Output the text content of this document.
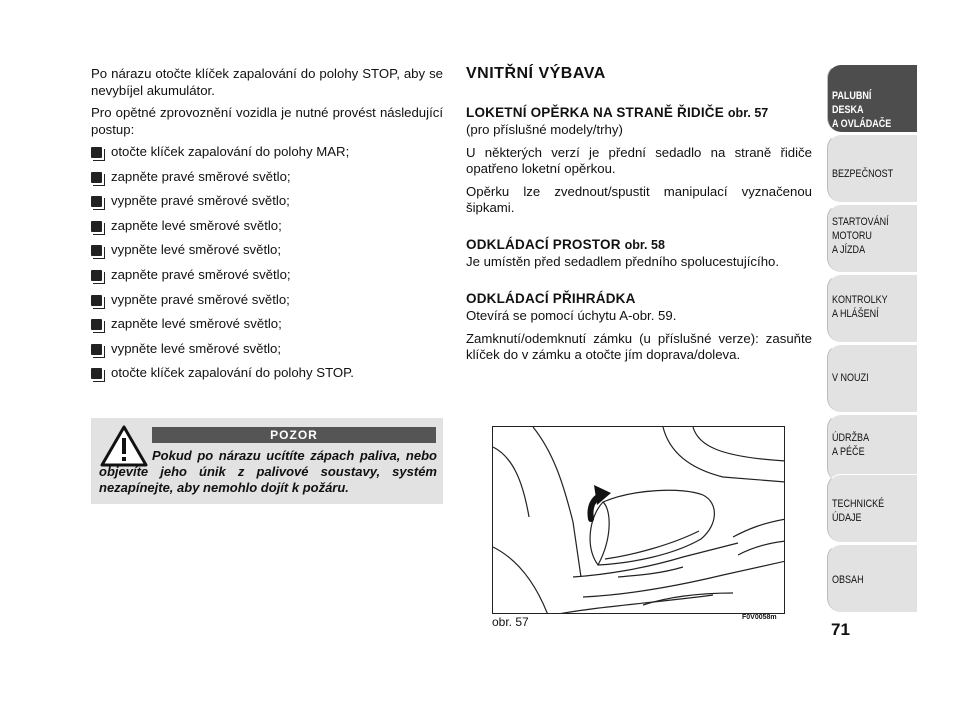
Po nárazu otočte klíček zapalování do polohy STOP, aby se nevybíjel akumulátor.

Pro opětné zprovoznění vozidla je nutné provést následující postup:

otočte klíček zapalování do polohy MAR;
zapněte pravé směrové světlo;
vypněte pravé směrové světlo;
zapněte levé směrové světlo;
vypněte levé směrové světlo;
zapněte pravé směrové světlo;
vypněte pravé směrové světlo;
zapněte levé směrové světlo;
vypněte levé směrové světlo;
otočte klíček zapalování do polohy STOP.
POZOR
Pokud po nárazu ucítíte zápach paliva, nebo objevíte jeho únik z palivové soustavy, systém nezapínejte, aby nemohlo dojít k požáru.
VNITŘNÍ VÝBAVA
LOKETNÍ OPĚRKA NA STRANĚ ŘIDIČE obr. 57

(pro příslušné modely/trhy)

U některých verzí je přední sedadlo na straně řidiče opatřeno loketní opěrkou.

Opěrku lze zvednout/spustit manipulací vyznačenou šipkami.

ODKLÁDACÍ PROSTOR obr. 58

Je umístěn před sedadlem předního spolucestujícího.

ODKLÁDACÍ PŘIHRÁDKA

Otevírá se pomocí úchytu A-obr. 59.

Zamknutí/odemknutí zámku (u příslušné verze): zasuňte klíček do v zámku a otočte jím doprava/doleva.

obr. 57	F0V0058m
PALUBNÍ DESKA
A OVLÁDAČE
BEZPEČNOST
STARTOVÁNÍ
MOTORU
A JÍZDA
KONTROLKY
A HLÁŠENÍ
V NOUZI
ÚDRŽBA
A PÉČE
TECHNICKÉ
ÚDAJE
OBSAH
71
